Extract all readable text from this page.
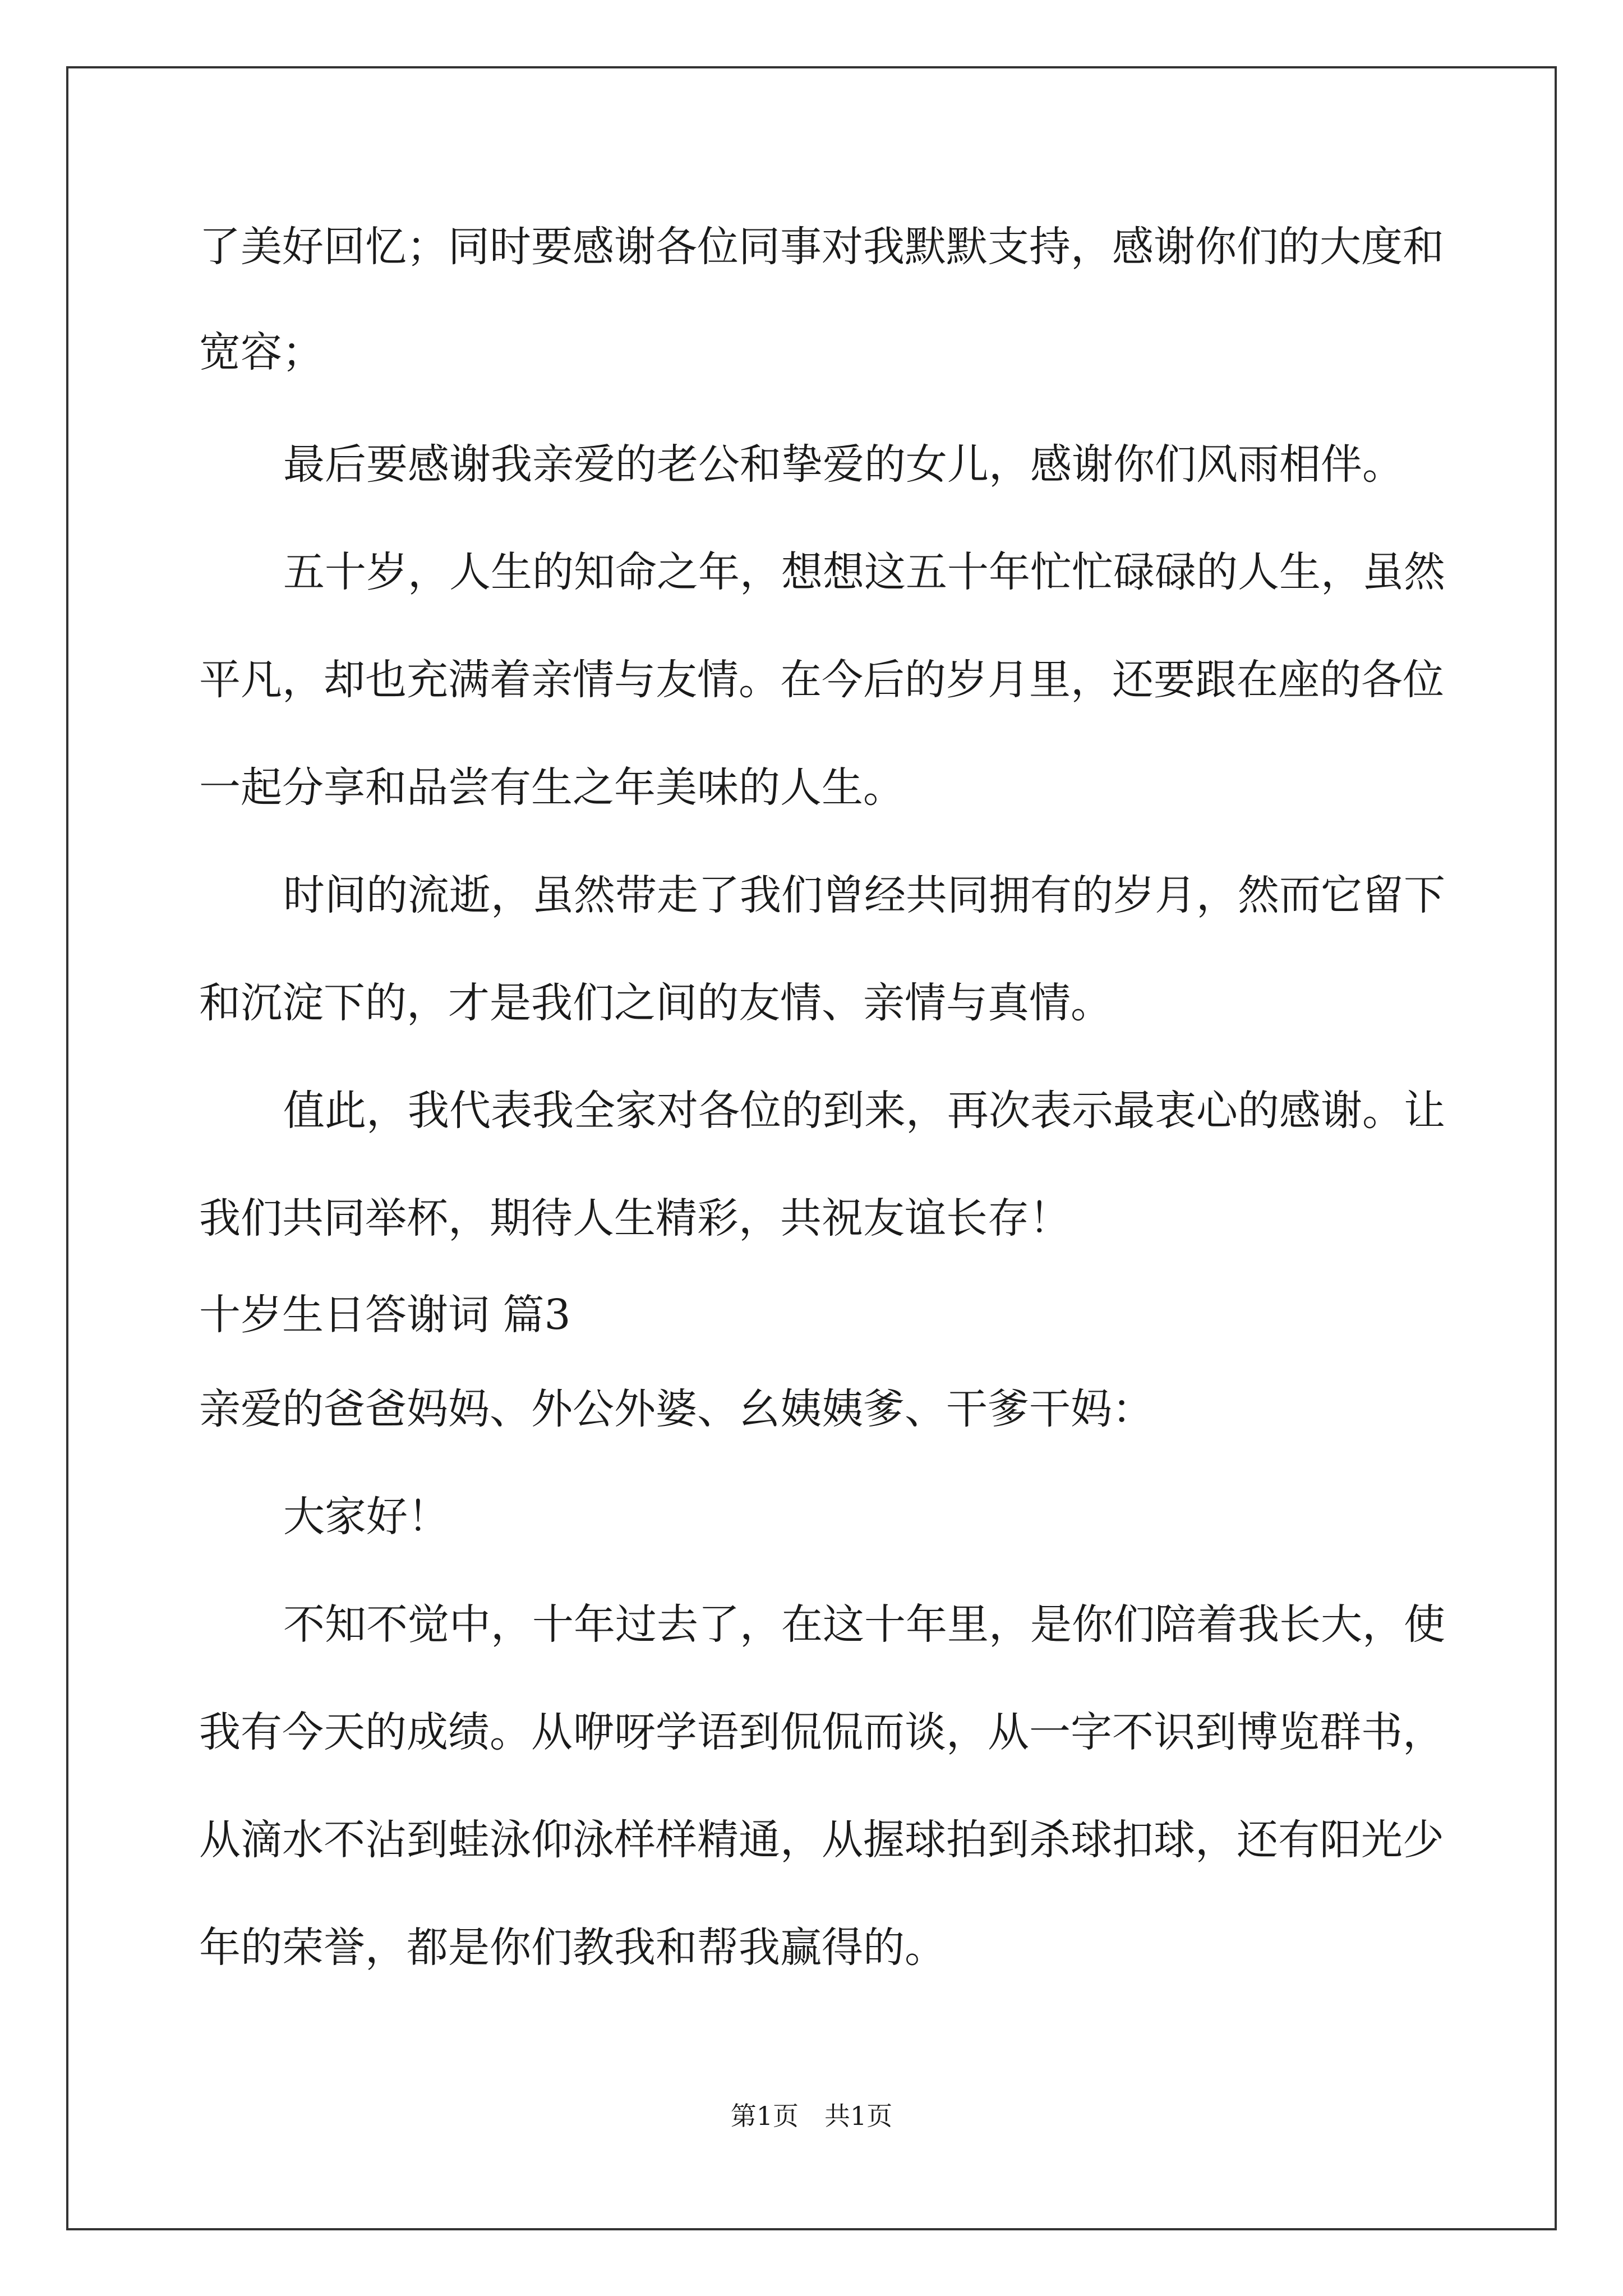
了美好回忆；同时要感谢各位同事对我默默支持，感谢你们的大度和
宽容；
最后要感谢我亲爱的老公和挚爱的女儿，感谢你们风雨相伴。
五十岁，人生的知命之年，想想这五十年忙忙碌碌的人生，虽然
平凡，却也充满着亲情与友情。在今后的岁月里，还要跟在座的各位
一起分享和品尝有生之年美味的人生。
时间的流逝，虽然带走了我们曾经共同拥有的岁月，然而它留下
和沉淀下的，才是我们之间的友情、亲情与真情。
值此，我代表我全家对各位的到来，再次表示最衷心的感谢。让
我们共同举杯，期待人生精彩，共祝友谊长存！
十岁生日答谢词 篇3
亲爱的爸爸妈妈、外公外婆、幺姨姨爹、干爹干妈：
大家好！
不知不觉中，十年过去了，在这十年里，是你们陪着我长大，使
我有今天的成绩。从咿呀学语到侃侃而谈，从一字不识到博览群书，
从滴水不沾到蛙泳仰泳样样精通，从握球拍到杀球扣球，还有阳光少
年的荣誉，都是你们教我和帮我赢得的。
第1页　共1页
